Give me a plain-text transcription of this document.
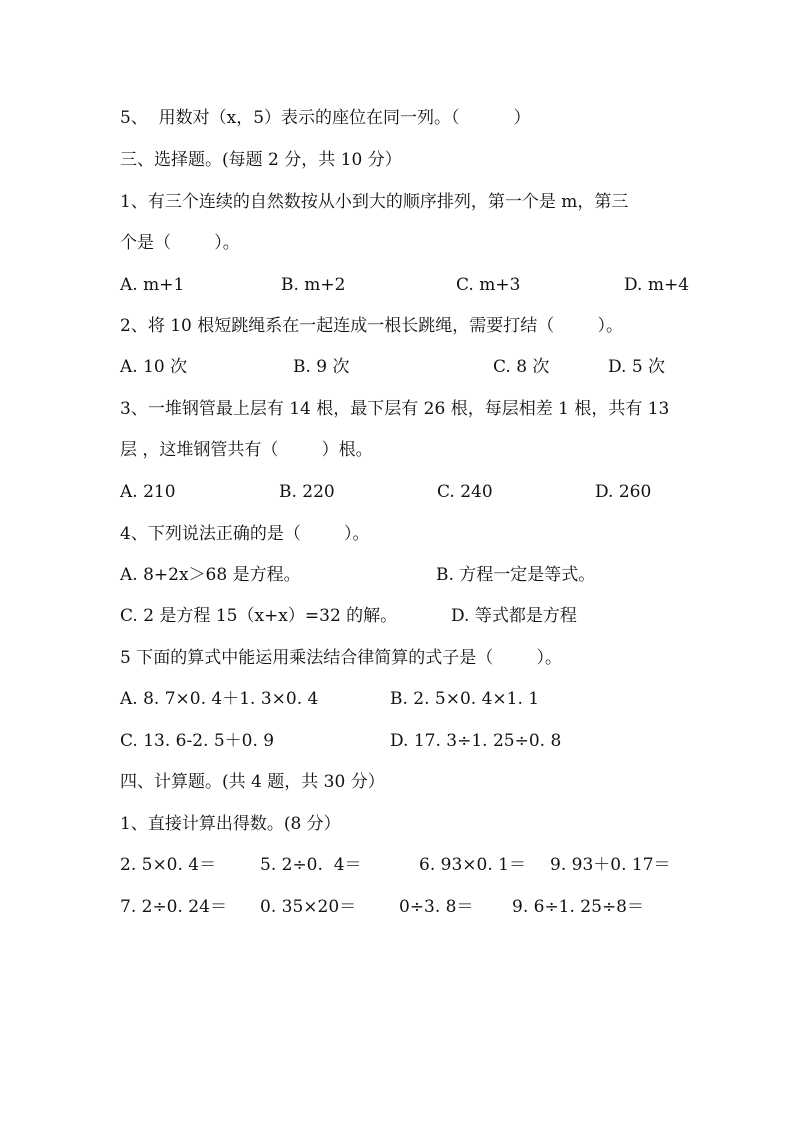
5、  用数对（x，5）表示的座位在同一列。（          ）
三、选择题。(每题 2 分，共 10 分）
1、有三个连续的自然数按从小到大的顺序排列，第一个是 m，第三
个是（        ）。

A. m+1

	B. m+2

	C. m+3

	D. m+4

2、将 10 根短跳绳系在一起连成一根长跳绳，需要打结（        ）。

A. 10 次

	B. 9 次

	C. 8 次

	D. 5 次

3、一堆钢管最上层有 14 根，最下层有 26 根，每层相差 1 根，共有 13
层 ，这堆钢管共有（        ）根。

A. 210

	B. 220

	C. 240

	D. 260

4、下列说法正确的是（        ）。

A. 8+2x＞68 是方程。

	B. 方程一定是等式。

C. 2 是方程 15（x+x）=32 的解。

	D. 等式都是方程

5 下面的算式中能运用乘法结合律简算的式子是（        ）。

A. 8. 7×0. 4＋1. 3×0. 4

	B. 2. 5×0. 4×1. 1

C. 13. 6-2. 5＋0. 9

	D. 17. 3÷1. 25÷0. 8

四、计算题。(共 4 题，共 30 分）
1、直接计算出得数。(8 分）

2. 5×0. 4＝

	5. 2÷0.  4＝

	6. 93×0. 1＝

9. 93＋0. 17＝

7. 2÷0. 24＝

0. 35×20＝

	0÷3. 8＝

9. 6÷1. 25÷8＝
